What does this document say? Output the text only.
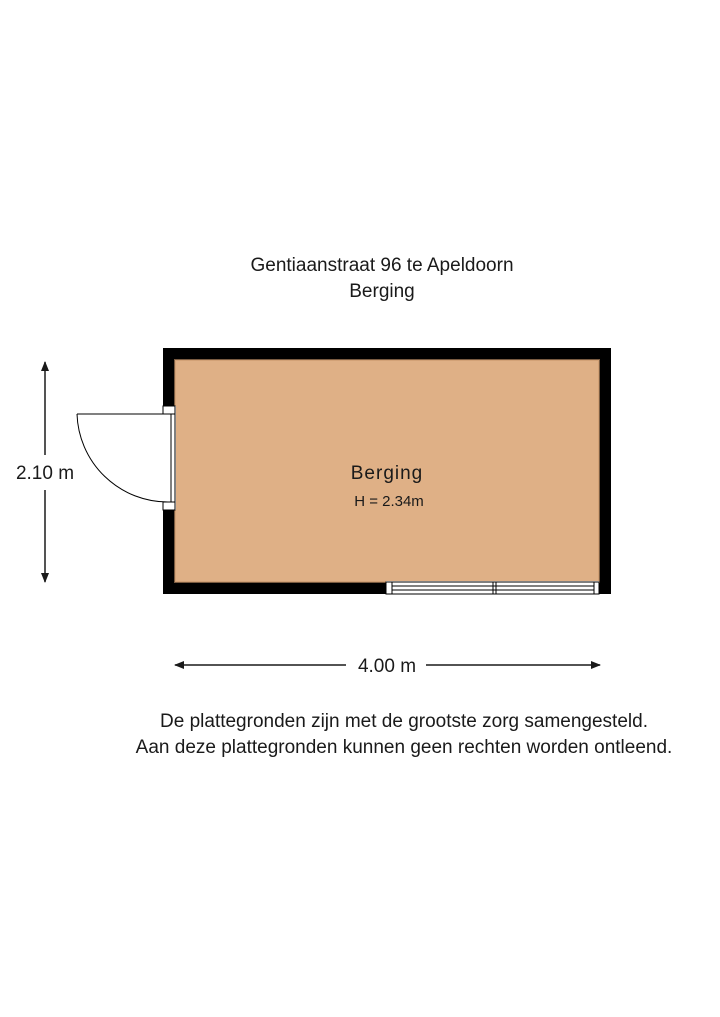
Gentiaanstraat 96 te Apeldoorn
Berging
Berging
H = 2.34m
2.10 m
4.00 m
De plattegronden zijn met de grootste zorg samengesteld.
Aan deze plattegronden kunnen geen rechten worden ontleend.
